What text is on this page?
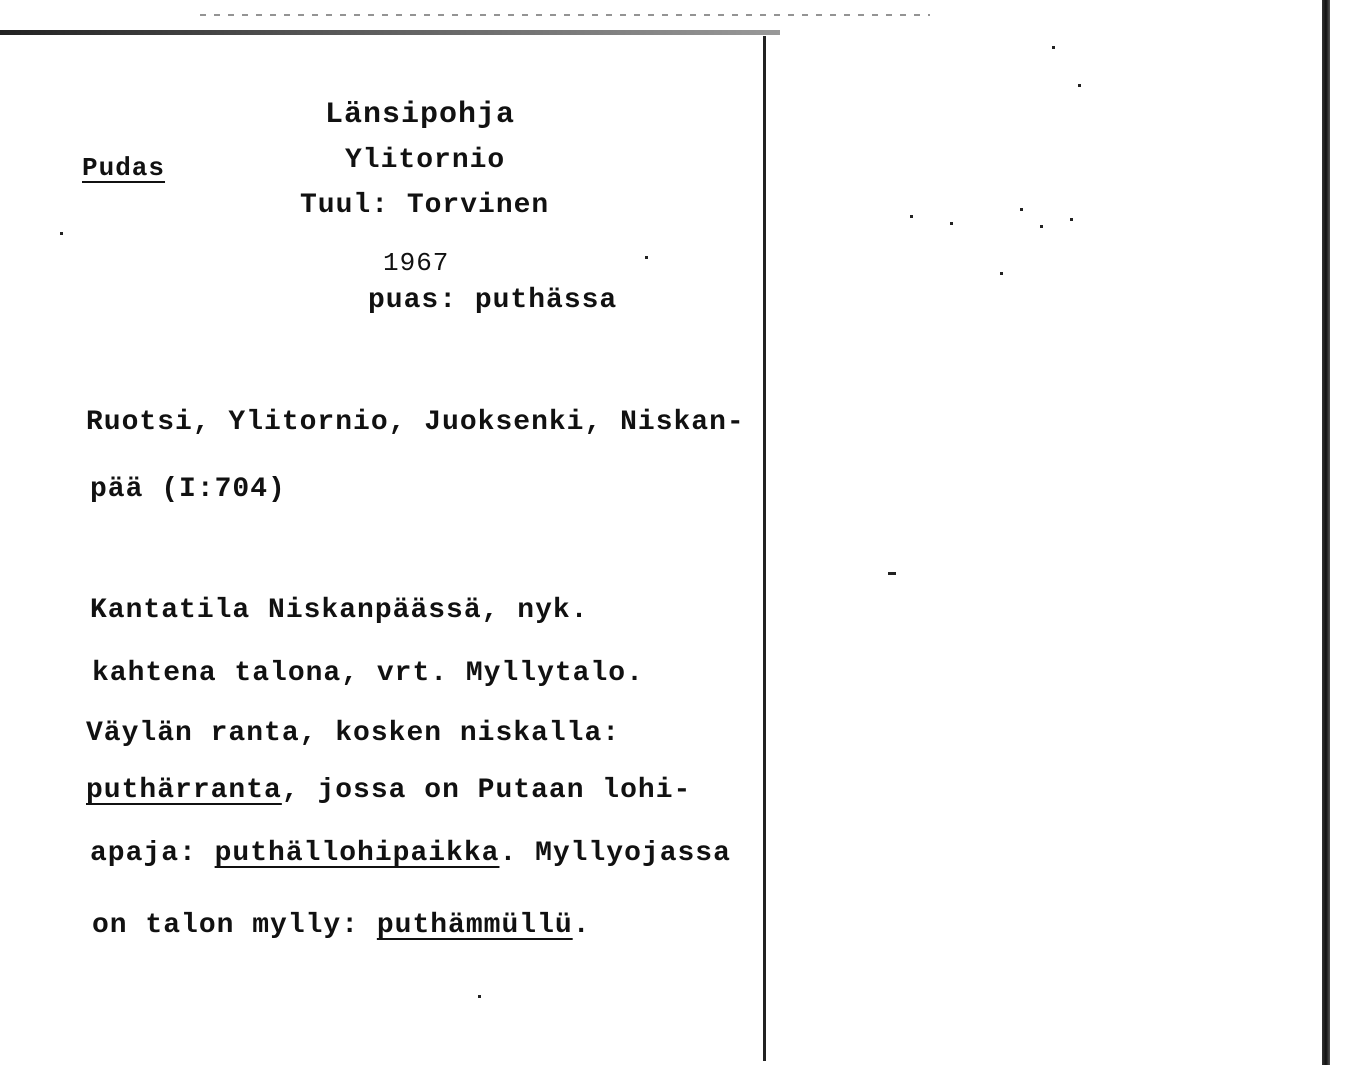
Pudas
Länsipohja
Ylitornio
Tuul: Torvinen
1967
puas: puthässa
Ruotsi, Ylitornio, Juoksenki, Niskan-
pää (I:704)
Kantatila Niskanpäässä, nyk.
kahtena talona, vrt. Myllytalo.
Väylän ranta, kosken niskalla:
puthärranta, jossa on Putaan lohi-
apaja: puthällohipaikka. Myllyojassa
on talon mylly: puthämmüllü.
